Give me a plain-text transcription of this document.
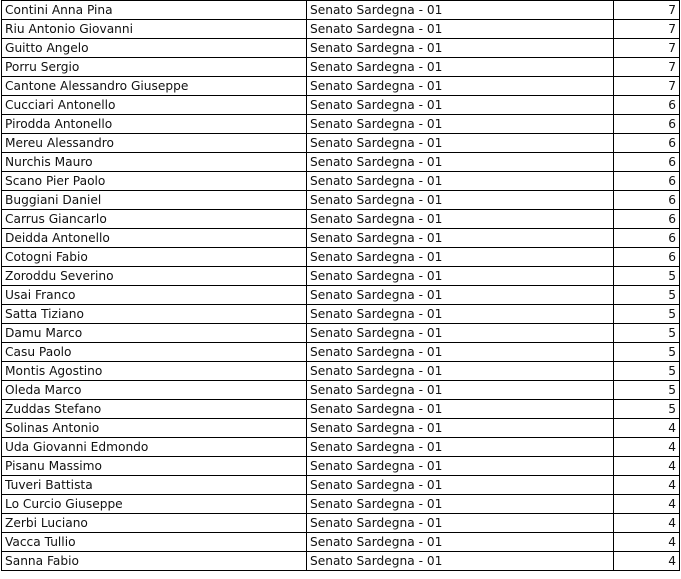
Contini Anna Pina	Senato Sardegna - 01	7
Riu Antonio Giovanni	Senato Sardegna - 01	7
Guitto Angelo	Senato Sardegna - 01	7
Porru Sergio	Senato Sardegna - 01	7
Cantone Alessandro Giuseppe	Senato Sardegna - 01	7
Cucciari Antonello	Senato Sardegna - 01	6
Pirodda Antonello	Senato Sardegna - 01	6
Mereu Alessandro	Senato Sardegna - 01	6
Nurchis Mauro	Senato Sardegna - 01	6
Scano Pier Paolo	Senato Sardegna - 01	6
Buggiani Daniel	Senato Sardegna - 01	6
Carrus Giancarlo	Senato Sardegna - 01	6
Deidda Antonello	Senato Sardegna - 01	6
Cotogni Fabio	Senato Sardegna - 01	6
Zoroddu Severino	Senato Sardegna - 01	5
Usai Franco	Senato Sardegna - 01	5
Satta Tiziano	Senato Sardegna - 01	5
Damu Marco	Senato Sardegna - 01	5
Casu Paolo	Senato Sardegna - 01	5
Montis Agostino	Senato Sardegna - 01	5
Oleda Marco	Senato Sardegna - 01	5
Zuddas Stefano	Senato Sardegna - 01	5
Solinas Antonio	Senato Sardegna - 01	4
Uda Giovanni Edmondo	Senato Sardegna - 01	4
Pisanu Massimo	Senato Sardegna - 01	4
Tuveri Battista	Senato Sardegna - 01	4
Lo Curcio Giuseppe	Senato Sardegna - 01	4
Zerbi Luciano	Senato Sardegna - 01	4
Vacca Tullio	Senato Sardegna - 01	4
Sanna Fabio	Senato Sardegna - 01	4
